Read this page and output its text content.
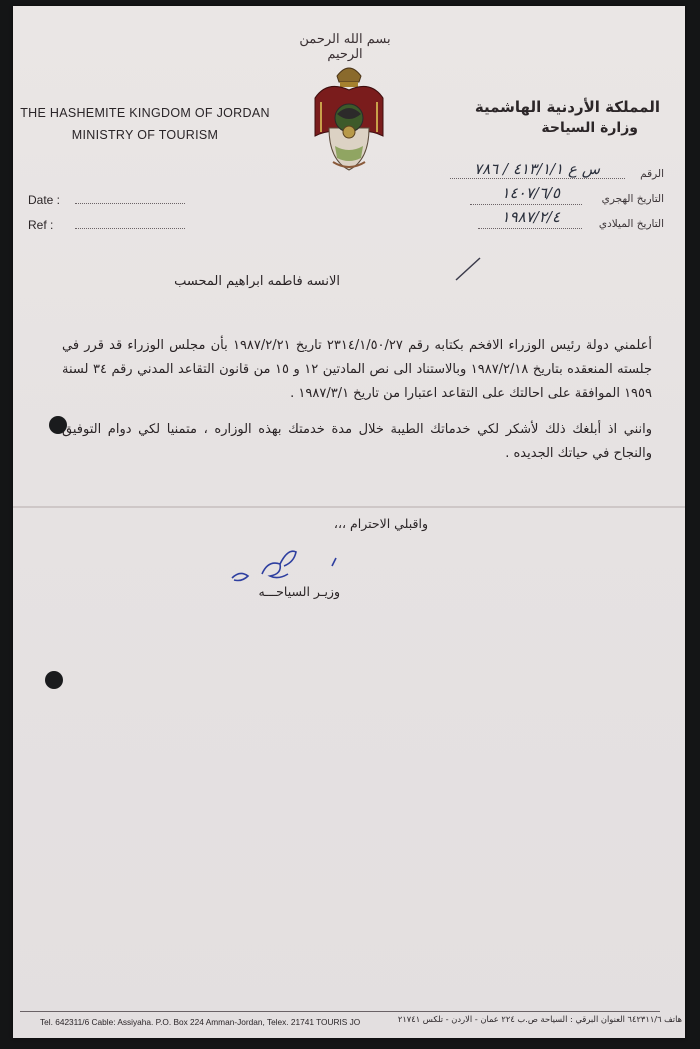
بسم الله الرحمن الرحيم
THE HASHEMITE KINGDOM OF JORDAN
MINISTRY OF TOURISM
المملكة الأردنية الهاشمية
وزارة السياحة
Date :
Ref :
الرقم
س ع ٤١٣/١/١ / ٧٨٦
التاريخ الهجري
١٤٠٧/٦/٥
التاريخ الميلادي
١٩٨٧/٢/٤
الانسه فاطمه ابراهيم المحسب

أعلمني دولة رئيس الوزراء الافخم بكتابه رقم ٢٣١٤/١/٥٠/٢٧ تاريخ ١٩٨٧/٢/٢١ بأن مجلس الوزراء قد قرر في جلسته المنعقده بتاريخ ١٩٨٧/٢/١٨ وبالاستناد الى نص المادتين ١٢ و ١٥ من قانون التقاعد المدني رقم ٣٤ لسنة ١٩٥٩ الموافقة على احالتك على التقاعد اعتبارا من تاريخ ١٩٨٧/٣/١ .

وانني اذ أبلغك ذلك لأشكر لكي خدماتك الطيبة خلال مدة خدمتك بهذه الوزاره ، متمنيا لكي دوام التوفيق والنجاح في حياتك الجديده .

واقبلي الاحترام ،،،
وزيـر السياحـــه
Tel. 642311/6 Cable: Assiyaha. P.O. Box 224 Amman-Jordan, Telex. 21741 TOURIS JO	هاتف ٦٤٢٣١١/٦ العنوان البرقي : السياحة ص.ب ٢٢٤ عمان - الاردن - تلكس ٢١٧٤١
